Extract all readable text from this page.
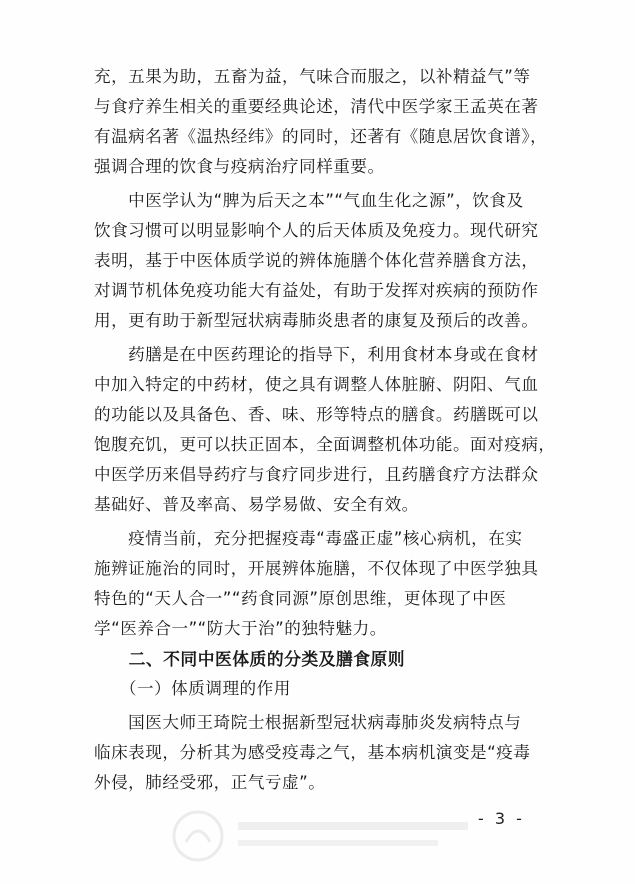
充，五果为助，五畜为益，气味合而服之，以补精益气”等
与食疗养生相关的重要经典论述，清代中医学家王孟英在著
有温病名著《温热经纬》的同时，还著有《随息居饮食谱》，
强调合理的饮食与疫病治疗同样重要。
　　中医学认为“脾为后天之本”“气血生化之源”，饮食及
饮食习惯可以明显影响个人的后天体质及免疫力。现代研究
表明，基于中医体质学说的辨体施膳个体化营养膳食方法，
对调节机体免疫功能大有益处，有助于发挥对疾病的预防作
用，更有助于新型冠状病毒肺炎患者的康复及预后的改善。
　　药膳是在中医药理论的指导下，利用食材本身或在食材
中加入特定的中药材，使之具有调整人体脏腑、阴阳、气血
的功能以及具备色、香、味、形等特点的膳食。药膳既可以
饱腹充饥，更可以扶正固本，全面调整机体功能。面对疫病，
中医学历来倡导药疗与食疗同步进行，且药膳食疗方法群众
基础好、普及率高、易学易做、安全有效。
　　疫情当前，充分把握疫毒“毒盛正虚”核心病机，在实
施辨证施治的同时，开展辨体施膳，不仅体现了中医学独具
特色的“天人合一”“药食同源”原创思维，更体现了中医
学“医养合一”“防大于治”的独特魅力。
　　二、不同中医体质的分类及膳食原则
　　（一）体质调理的作用
　　国医大师王琦院士根据新型冠状病毒肺炎发病特点与
临床表现，分析其为感受疫毒之气，基本病机演变是“疫毒
外侵，肺经受邪，正气亏虚”。
- 3 -
